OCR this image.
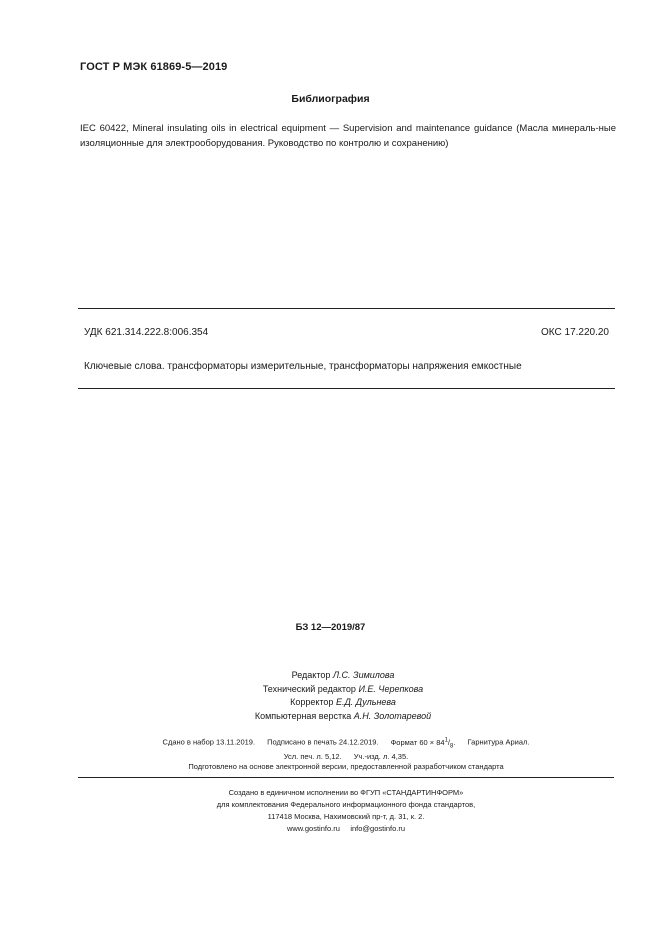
ГОСТ Р МЭК 61869-5—2019
Библиография
IEC 60422, Mineral insulating oils in electrical equipment — Supervision and maintenance guidance (Масла минераль-ные изоляционные для электрооборудования. Руководство по контролю и сохранению)
УДК 621.314.222.8:006.354	ОКС 17.220.20
Ключевые слова. трансформаторы измерительные, трансформаторы напряжения емкостные
БЗ 12—2019/87
Редактор Л.С. Зимилова
Технический редактор И.Е. Черепкова
Корректор Е.Д. Дульнева
Компьютерная верстка А.Н. Золотаревой
Сдано в набор 13.11.2019. Подписано в печать 24.12.2019. Формат $60 \times 84^1/_8$. Гарнитура Ариал.
Усл. печ. л. 5,12. Уч.-изд. л. 4,35.
Подготовлено на основе электронной версии, предоставленной разработчиком стандарта
Создано в единичном исполнении во ФГУП «СТАНДАРТИНФОРМ»
для комплектования Федерального информационного фонда стандартов,
117418 Москва, Нахимовский пр-т, д. 31, к. 2.
www.gostinfo.ru info@gostinfo.ru
